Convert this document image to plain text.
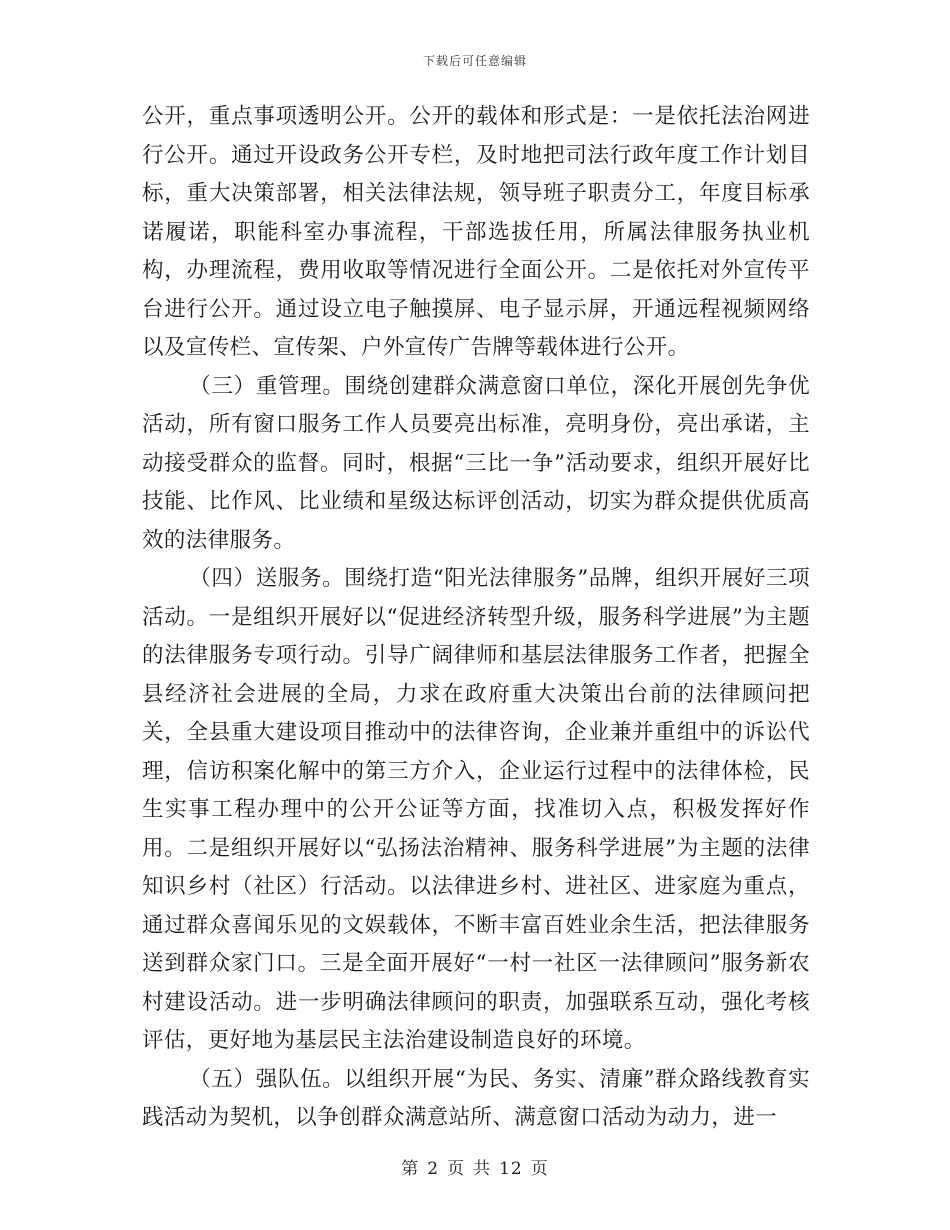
下载后可任意编辑

公开，重点事项透明公开。公开的载体和形式是：一是依托法治网进行公开。通过开设政务公开专栏，及时地把司法行政年度工作计划目标，重大决策部署，相关法律法规，领导班子职责分工，年度目标承诺履诺，职能科室办事流程，干部选拔任用，所属法律服务执业机构，办理流程，费用收取等情况进行全面公开。二是依托对外宣传平台进行公开。通过设立电子触摸屏、电子显示屏，开通远程视频网络以及宣传栏、宣传架、户外宣传广告牌等载体进行公开。

（三）重管理。围绕创建群众满意窗口单位，深化开展创先争优活动，所有窗口服务工作人员要亮出标准，亮明身份，亮出承诺，主动接受群众的监督。同时，根据“三比一争”活动要求，组织开展好比技能、比作风、比业绩和星级达标评创活动，切实为群众提供优质高效的法律服务。

（四）送服务。围绕打造“阳光法律服务”品牌，组织开展好三项活动。一是组织开展好以“促进经济转型升级，服务科学进展”为主题的法律服务专项行动。引导广阔律师和基层法律服务工作者，把握全县经济社会进展的全局，力求在政府重大决策出台前的法律顾问把关，全县重大建设项目推动中的法律咨询，企业兼并重组中的诉讼代理，信访积案化解中的第三方介入，企业运行过程中的法律体检，民生实事工程办理中的公开公证等方面，找准切入点，积极发挥好作用。二是组织开展好以“弘扬法治精神、服务科学进展”为主题的法律知识乡村（社区）行活动。以法律进乡村、进社区、进家庭为重点，通过群众喜闻乐见的文娱载体，不断丰富百姓业余生活，把法律服务送到群众家门口。三是全面开展好“一村一社区一法律顾问”服务新农村建设活动。进一步明确法律顾问的职责，加强联系互动，强化考核评估，更好地为基层民主法治建设制造良好的环境。

（五）强队伍。以组织开展“为民、务实、清廉”群众路线教育实践活动为契机，以争创群众满意站所、满意窗口活动为动力，进一

第 2 页 共 12 页
